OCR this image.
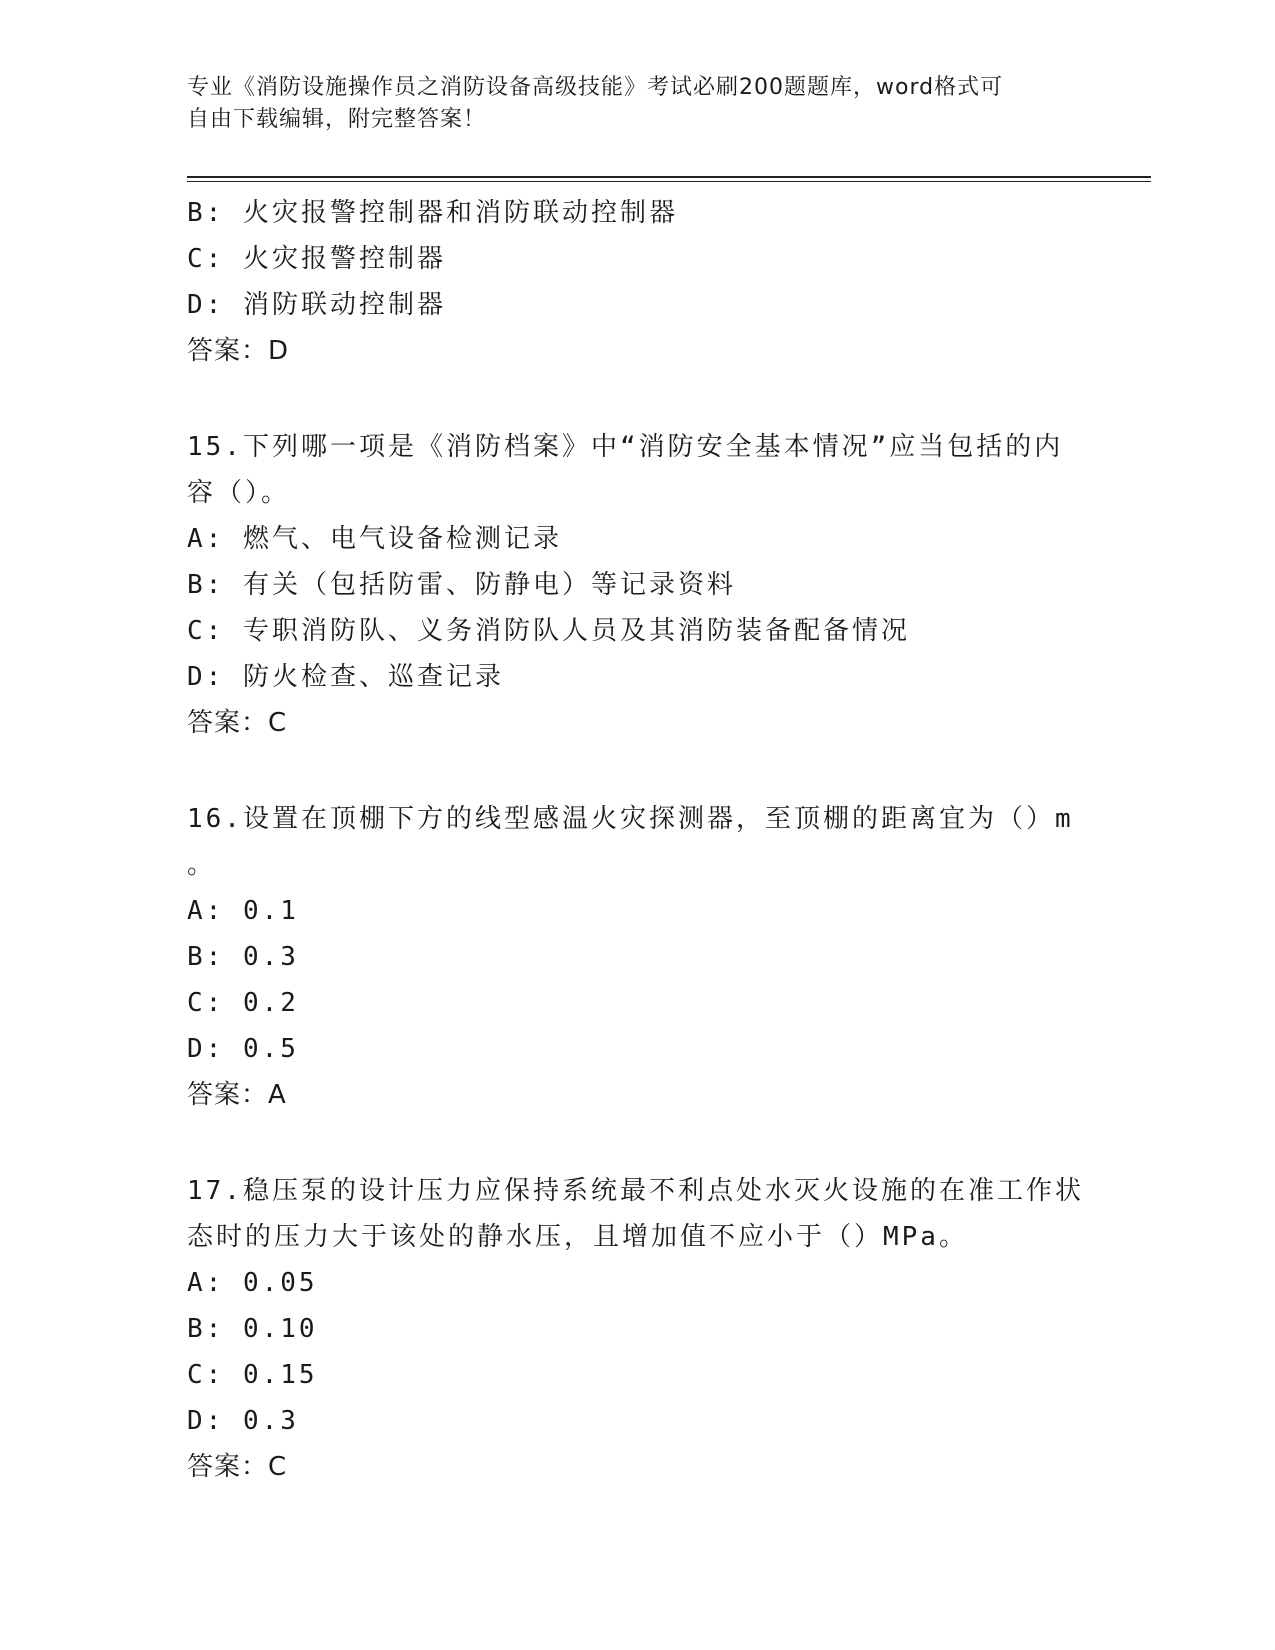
专业《消防设施操作员之消防设备高级技能》考试必刷200题题库，word格式可
自由下载编辑，附完整答案！
B: 火灾报警控制器和消防联动控制器
C: 火灾报警控制器
D: 消防联动控制器
答案：D
15.下列哪一项是《消防档案》中“消防安全基本情况”应当包括的内
容（）。
A: 燃气、电气设备检测记录
B: 有关（包括防雷、防静电）等记录资料
C: 专职消防队、义务消防队人员及其消防装备配备情况
D: 防火检查、巡查记录
答案：C
16.设置在顶棚下方的线型感温火灾探测器，至顶棚的距离宜为（）m
。
A: 0.1
B: 0.3
C: 0.2
D: 0.5
答案：A
17.稳压泵的设计压力应保持系统最不利点处水灭火设施的在准工作状
态时的压力大于该处的静水压，且增加值不应小于（）MPa。
A: 0.05
B: 0.10
C: 0.15
D: 0.3
答案：C
